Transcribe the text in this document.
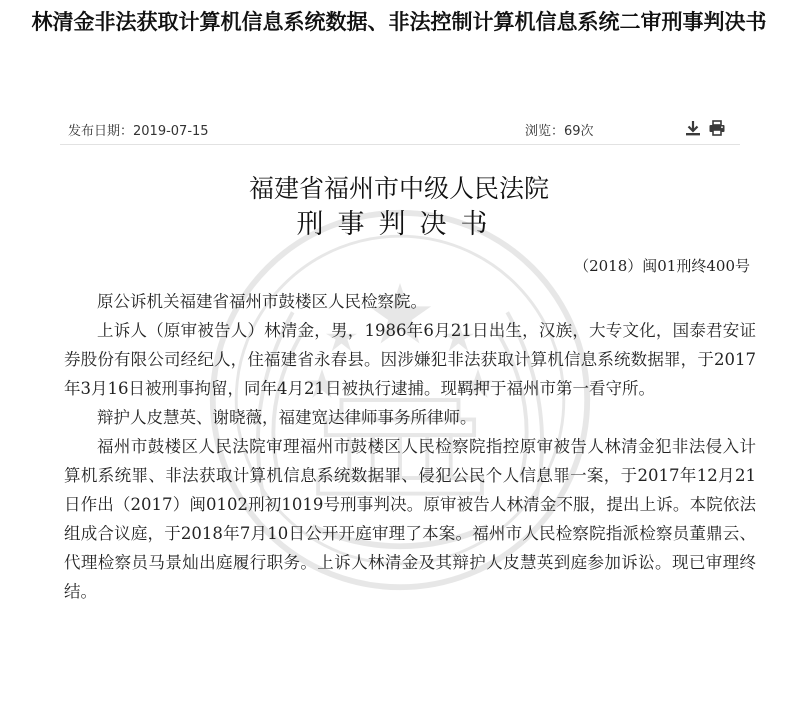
林清金非法获取计算机信息系统数据、非法控制计算机信息系统二审刑事判决书
发布日期：2019-07-15	浏览：69次
福建省福州市中级人民法院
刑事判决书
（2018）闽01刑终400号

原公诉机关福建省福州市鼓楼区人民检察院。

上诉人（原审被告人）林清金，男，1986年6月21日出生，汉族，大专文化，国泰君安证券股份有限公司经纪人，住福建省永春县。因涉嫌犯非法获取计算机信息系统数据罪，于2017年3月16日被刑事拘留，同年4月21日被执行逮捕。现羁押于福州市第一看守所。

辩护人皮慧英、谢晓薇，福建宽达律师事务所律师。

福州市鼓楼区人民法院审理福州市鼓楼区人民检察院指控原审被告人林清金犯非法侵入计算机系统罪、非法获取计算机信息系统数据罪、侵犯公民个人信息罪一案，于2017年12月21日作出（2017）闽0102刑初1019号刑事判决。原审被告人林清金不服，提出上诉。本院依法组成合议庭，于2018年7月10日公开开庭审理了本案。福州市人民检察院指派检察员董鼎云、代理检察员马景灿出庭履行职务。上诉人林清金及其辩护人皮慧英到庭参加诉讼。现已审理终结。
